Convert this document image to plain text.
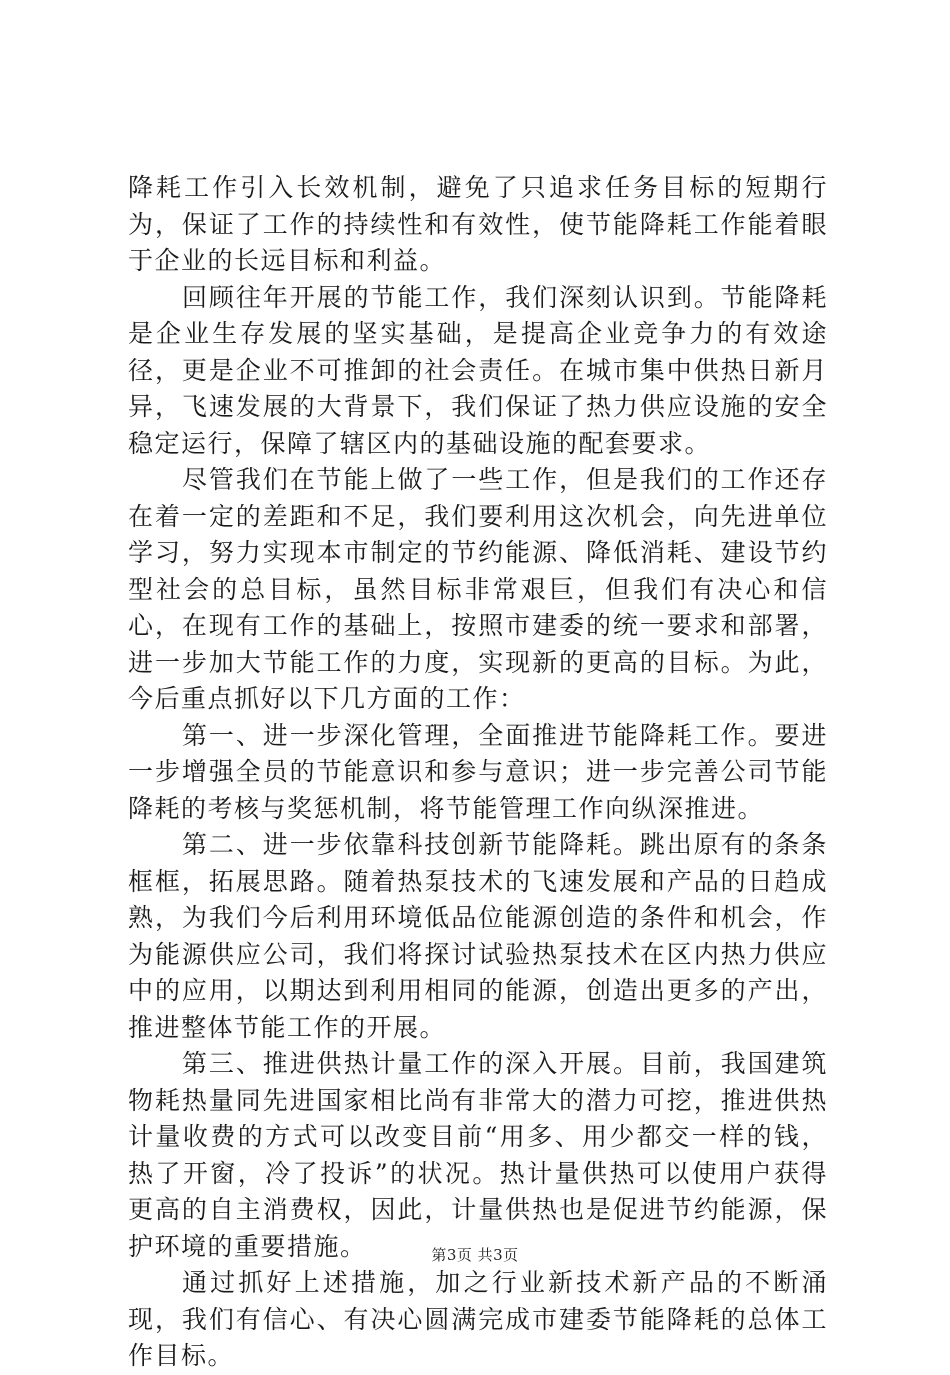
降耗工作引入长效机制，避免了只追求任务目标的短期行为，保证了工作的持续性和有效性，使节能降耗工作能着眼于企业的长远目标和利益。

回顾往年开展的节能工作，我们深刻认识到。节能降耗是企业生存发展的坚实基础，是提高企业竞争力的有效途径，更是企业不可推卸的社会责任。在城市集中供热日新月异，飞速发展的大背景下，我们保证了热力供应设施的安全稳定运行，保障了辖区内的基础设施的配套要求。

尽管我们在节能上做了一些工作，但是我们的工作还存在着一定的差距和不足，我们要利用这次机会，向先进单位学习，努力实现本市制定的节约能源、降低消耗、建设节约型社会的总目标，虽然目标非常艰巨，但我们有决心和信心，在现有工作的基础上，按照市建委的统一要求和部署，进一步加大节能工作的力度，实现新的更高的目标。为此，今后重点抓好以下几方面的工作：

第一、进一步深化管理，全面推进节能降耗工作。要进一步增强全员的节能意识和参与意识；进一步完善公司节能降耗的考核与奖惩机制，将节能管理工作向纵深推进。

第二、进一步依靠科技创新节能降耗。跳出原有的条条框框，拓展思路。随着热泵技术的飞速发展和产品的日趋成熟，为我们今后利用环境低品位能源创造的条件和机会，作为能源供应公司，我们将探讨试验热泵技术在区内热力供应中的应用，以期达到利用相同的能源，创造出更多的产出，推进整体节能工作的开展。

第三、推进供热计量工作的深入开展。目前，我国建筑物耗热量同先进国家相比尚有非常大的潜力可挖，推进供热计量收费的方式可以改变目前“用多、用少都交一样的钱，热了开窗，冷了投诉”的状况。热计量供热可以使用户获得更高的自主消费权，因此，计量供热也是促进节约能源，保护环境的重要措施。

通过抓好上述措施，加之行业新技术新产品的不断涌现，我们有信心、有决心圆满完成市建委节能降耗的总体工作目标。

第3页 共3页
